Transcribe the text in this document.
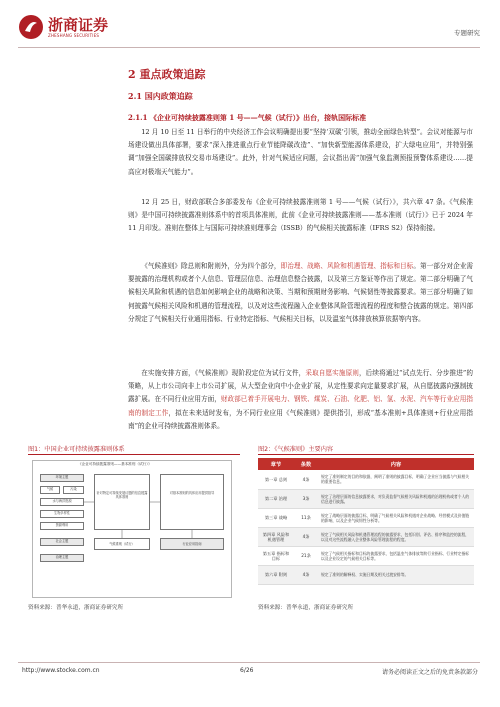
浙商证券
ZHESHANG SECURITIES	专题研究
2 重点政策追踪
2.1 国内政策追踪
2.1.1 《企业可持续披露准则第 1 号——气候（试行）》出台，接轨国际标准

12 月 10 日至 11 日举行的中央经济工作会议明确提出要“坚持‘双碳’引领，推动全面绿色转型”。会议对能源与市场建设做出具体部署，要求“深入推进重点行业节能降碳改造”、“加快新型能源体系建设，扩大绿电应用”，并特别强调“加强全国碳排放权交易市场建设”。此外，针对气候适应问题，会议指出需“加强气象监测预报预警体系建设……提高应对极端天气能力”。

12 月 25 日，财政部联合多部委发布《企业可持续披露准则第 1 号——气候（试行）》，共六章 47 条。《气候准则》是中国可持续披露准则体系中的首项具体准则，此前《企业可持续披露准则——基本准则（试行）》已于 2024 年 11 月印发。准则在整体上与国际可持续准则理事会（ISSB）的气候相关披露标准（IFRS S2）保持衔接。

《气候准则》除总则和附则外，分为四个部分，即治理、战略、风险和机遇管理、指标和目标。第一部分对企业需要披露的治理机构或者个人信息、管理层信息、治理信息整合披露，以及第三方鉴证等作出了规定。第二部分明确了气候相关风险和机遇的信息如何影响企业的战略和决策、当期和预期财务影响、气候韧性等披露要求。第三部分明确了如何披露气候相关风险和机遇的管理流程，以及对这些流程融入企业整体风险管理流程的程度和整合披露的规定。第四部分规定了气候相关行业通用指标、行业特定指标、气候相关目标，以及温室气体排放核算依据等内容。

在实施安排方面，《气候准则》现阶段定位为试行文件，采取自愿实施原则，后续将通过“试点先行、分步推进”的策略，从上市公司向非上市公司扩展，从大型企业向中小企业扩展，从定性要求向定量要求扩展，从自愿披露向强制披露扩展。在不同行业应用方面，财政部已着手开展电力、钢铁、煤炭、石油、化肥、铝、氢、水泥、汽车等行业应用指南的制定工作，拟在未来适时发布，为不同行业应用《气候准则》提供指引，形成“基本准则+具体准则+行业应用指南”的企业可持续披露准则体系。

图1：中国企业可持续披露准则体系	图2：《气候准则》主要内容
《企业可持续披露准则——基本准则（试行）》
环境主题
气候	污染
水与海洋资源
生物多样性
资源利用
社会主题
治理主题
针对特定可持续发展议题的信息披露具体准则
气候准则（试行）
对基本准则的具体应用提供指导
行业应用指南
章节	条数	内容
第一章 总则	4条	规定了准则制定的目的和依据，阐明了准则的披露目标，明确了企业应当披露与气候相关的重要信息。
第二章 治理	3条	规定了治理层面的信息披露要求，对负责监督气候相关风险和机遇的治理机构或者个人的信息进行披露。
第三章 战略	11条	规定了战略层面的披露目标，明确了气候相关风险和机遇对企业战略、经营模式及价值链的影响，以及企业气候韧性分析等。
第四章 风险和机遇管理	4条	规定了气候相关风险和机遇管理流程的披露要求，包括识别、评估、排序和监控的流程，以及对这些流程融入企业整体风险管理流程的程度。
第五章 指标和目标	21条	规定了气候相关指标和目标的披露要求，包括温室气体排放等跨行业指标、行业特定指标以及企业设定的气候相关目标等。
第六章 附则	4条	规定了准则的解释权、实施日期及相关过渡安排等。
资料来源：普华永道，浙商证券研究所	资料来源：普华永道，浙商证券研究所
http://www.stocke.com.cn	6/26	请务必阅读正文之后的免责条款部分
